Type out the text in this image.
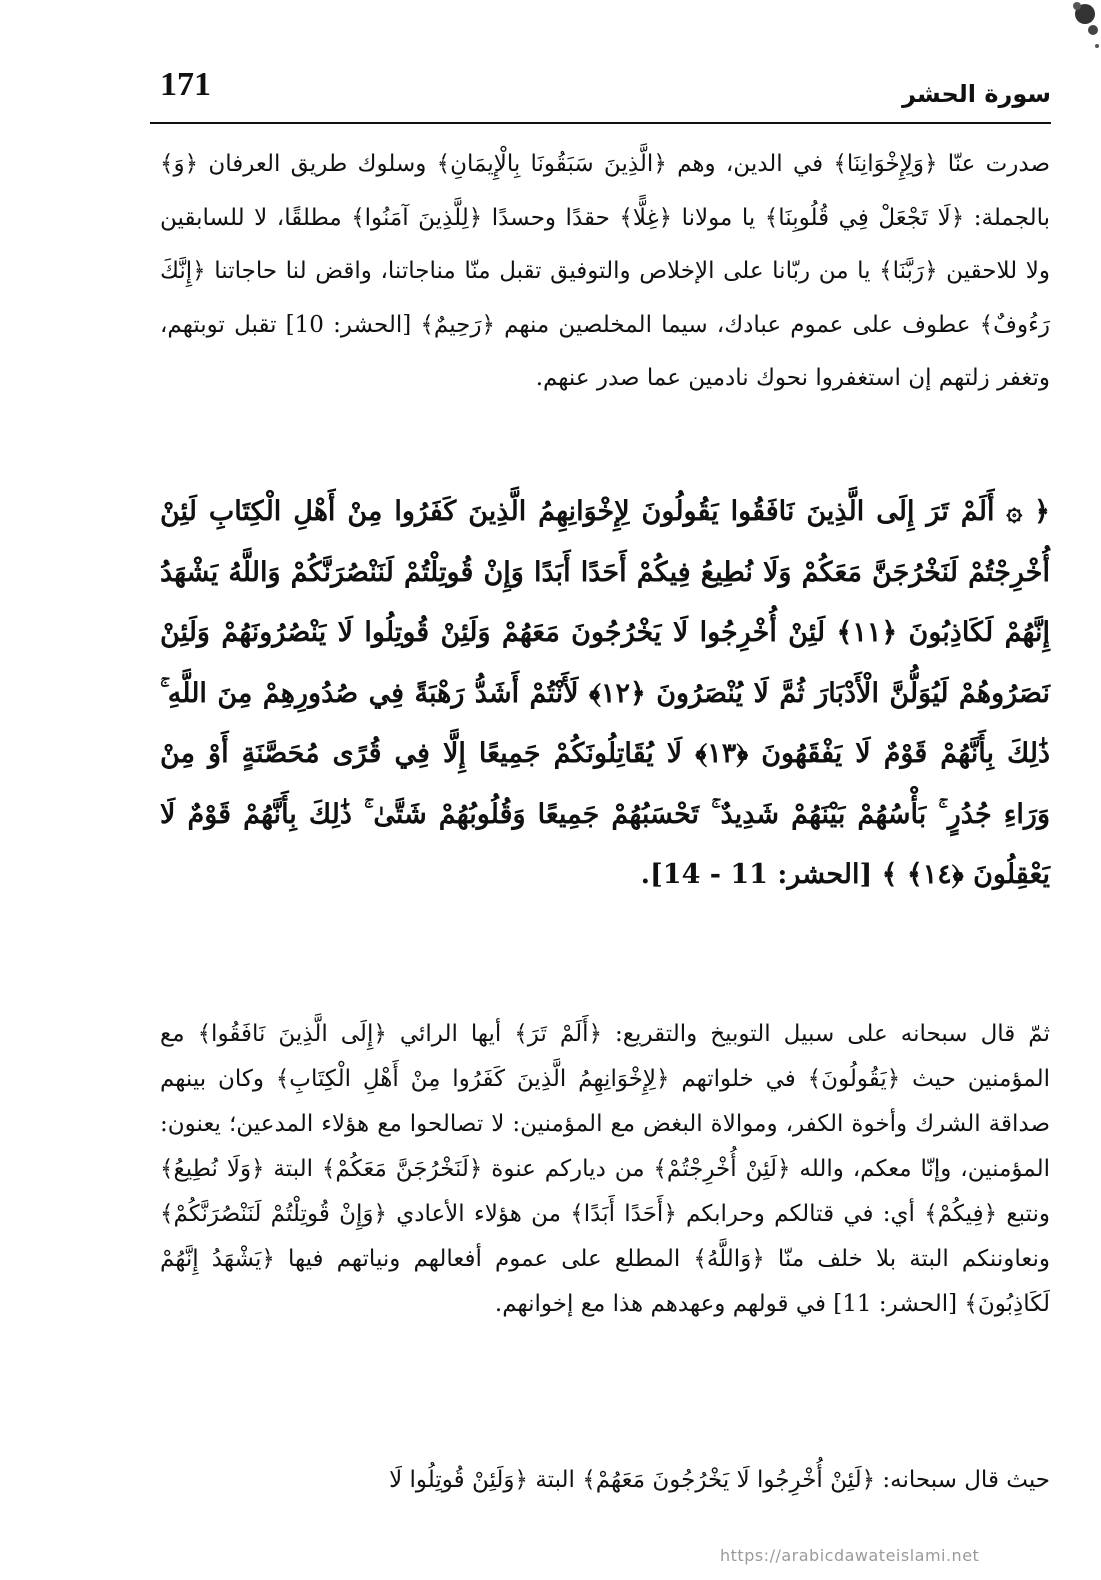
171	سورة الحشر

صدرت عنّا ﴿وَلِإِخْوَانِنَا﴾ في الدين، وهم ﴿الَّذِينَ سَبَقُونَا بِالْإِيمَانِ﴾ وسلوك طريق العرفان ﴿وَ﴾ بالجملة: ﴿لَا تَجْعَلْ فِي قُلُوبِنَا﴾ يا مولانا ﴿غِلًّا﴾ حقدًا وحسدًا ﴿لِلَّذِينَ آمَنُوا﴾ مطلقًا، لا للسابقين ولا للاحقين ﴿رَبَّنَا﴾ يا من ربّانا على الإخلاص والتوفيق تقبل منّا مناجاتنا، واقض لنا حاجاتنا ﴿إِنَّكَ رَءُوفٌ﴾ عطوف على عموم عبادك، سيما المخلصين منهم ﴿رَحِيمٌ﴾ [الحشر: 10] تقبل توبتهم، وتغفر زلتهم إن استغفروا نحوك نادمين عما صدر عنهم.

﴿ ۞ أَلَمْ تَرَ إِلَى الَّذِينَ نَافَقُوا يَقُولُونَ لِإِخْوَانِهِمُ الَّذِينَ كَفَرُوا مِنْ أَهْلِ الْكِتَابِ لَئِنْ أُخْرِجْتُمْ لَنَخْرُجَنَّ مَعَكُمْ وَلَا نُطِيعُ فِيكُمْ أَحَدًا أَبَدًا وَإِنْ قُوتِلْتُمْ لَنَنْصُرَنَّكُمْ وَاللَّهُ يَشْهَدُ إِنَّهُمْ لَكَاذِبُونَ ﴿١١﴾ لَئِنْ أُخْرِجُوا لَا يَخْرُجُونَ مَعَهُمْ وَلَئِنْ قُوتِلُوا لَا يَنْصُرُونَهُمْ وَلَئِنْ نَصَرُوهُمْ لَيُوَلُّنَّ الْأَدْبَارَ ثُمَّ لَا يُنْصَرُونَ ﴿١٢﴾ لَأَنْتُمْ أَشَدُّ رَهْبَةً فِي صُدُورِهِمْ مِنَ اللَّهِ ۚ ذَٰلِكَ بِأَنَّهُمْ قَوْمٌ لَا يَفْقَهُونَ ﴿١٣﴾ لَا يُقَاتِلُونَكُمْ جَمِيعًا إِلَّا فِي قُرًى مُحَصَّنَةٍ أَوْ مِنْ وَرَاءِ جُدُرٍ ۚ بَأْسُهُمْ بَيْنَهُمْ شَدِيدٌ ۚ تَحْسَبُهُمْ جَمِيعًا وَقُلُوبُهُمْ شَتَّىٰ ۚ ذَٰلِكَ بِأَنَّهُمْ قَوْمٌ لَا يَعْقِلُونَ ﴿١٤﴾ ﴾ [الحشر: 11 - 14].

ثمّ قال سبحانه على سبيل التوبيخ والتقريع: ﴿أَلَمْ تَرَ﴾ أيها الرائي ﴿إِلَى الَّذِينَ نَافَقُوا﴾ مع المؤمنين حيث ﴿يَقُولُونَ﴾ في خلواتهم ﴿لِإِخْوَانِهِمُ الَّذِينَ كَفَرُوا مِنْ أَهْلِ الْكِتَابِ﴾ وكان بينهم صداقة الشرك وأخوة الكفر، وموالاة البغض مع المؤمنين: لا تصالحوا مع هؤلاء المدعين؛ يعنون: المؤمنين، وإنّا معكم، والله ﴿لَئِنْ أُخْرِجْتُمْ﴾ من دياركم عنوة ﴿لَنَخْرُجَنَّ مَعَكُمْ﴾ البتة ﴿وَلَا نُطِيعُ﴾ ونتبع ﴿فِيكُمْ﴾ أي: في قتالكم وحرابكم ﴿أَحَدًا أَبَدًا﴾ من هؤلاء الأعادي ﴿وَإِنْ قُوتِلْتُمْ لَنَنْصُرَنَّكُمْ﴾ ونعاوننكم البتة بلا خلف منّا ﴿وَاللَّهُ﴾ المطلع على عموم أفعالهم ونياتهم فيها ﴿يَشْهَدُ إِنَّهُمْ لَكَاذِبُونَ﴾ [الحشر: 11] في قولهم وعهدهم هذا مع إخوانهم.

حيث قال سبحانه: ﴿لَئِنْ أُخْرِجُوا لَا يَخْرُجُونَ مَعَهُمْ﴾ البتة ﴿وَلَئِنْ قُوتِلُوا لَا

https://arabicdawateislami.net
